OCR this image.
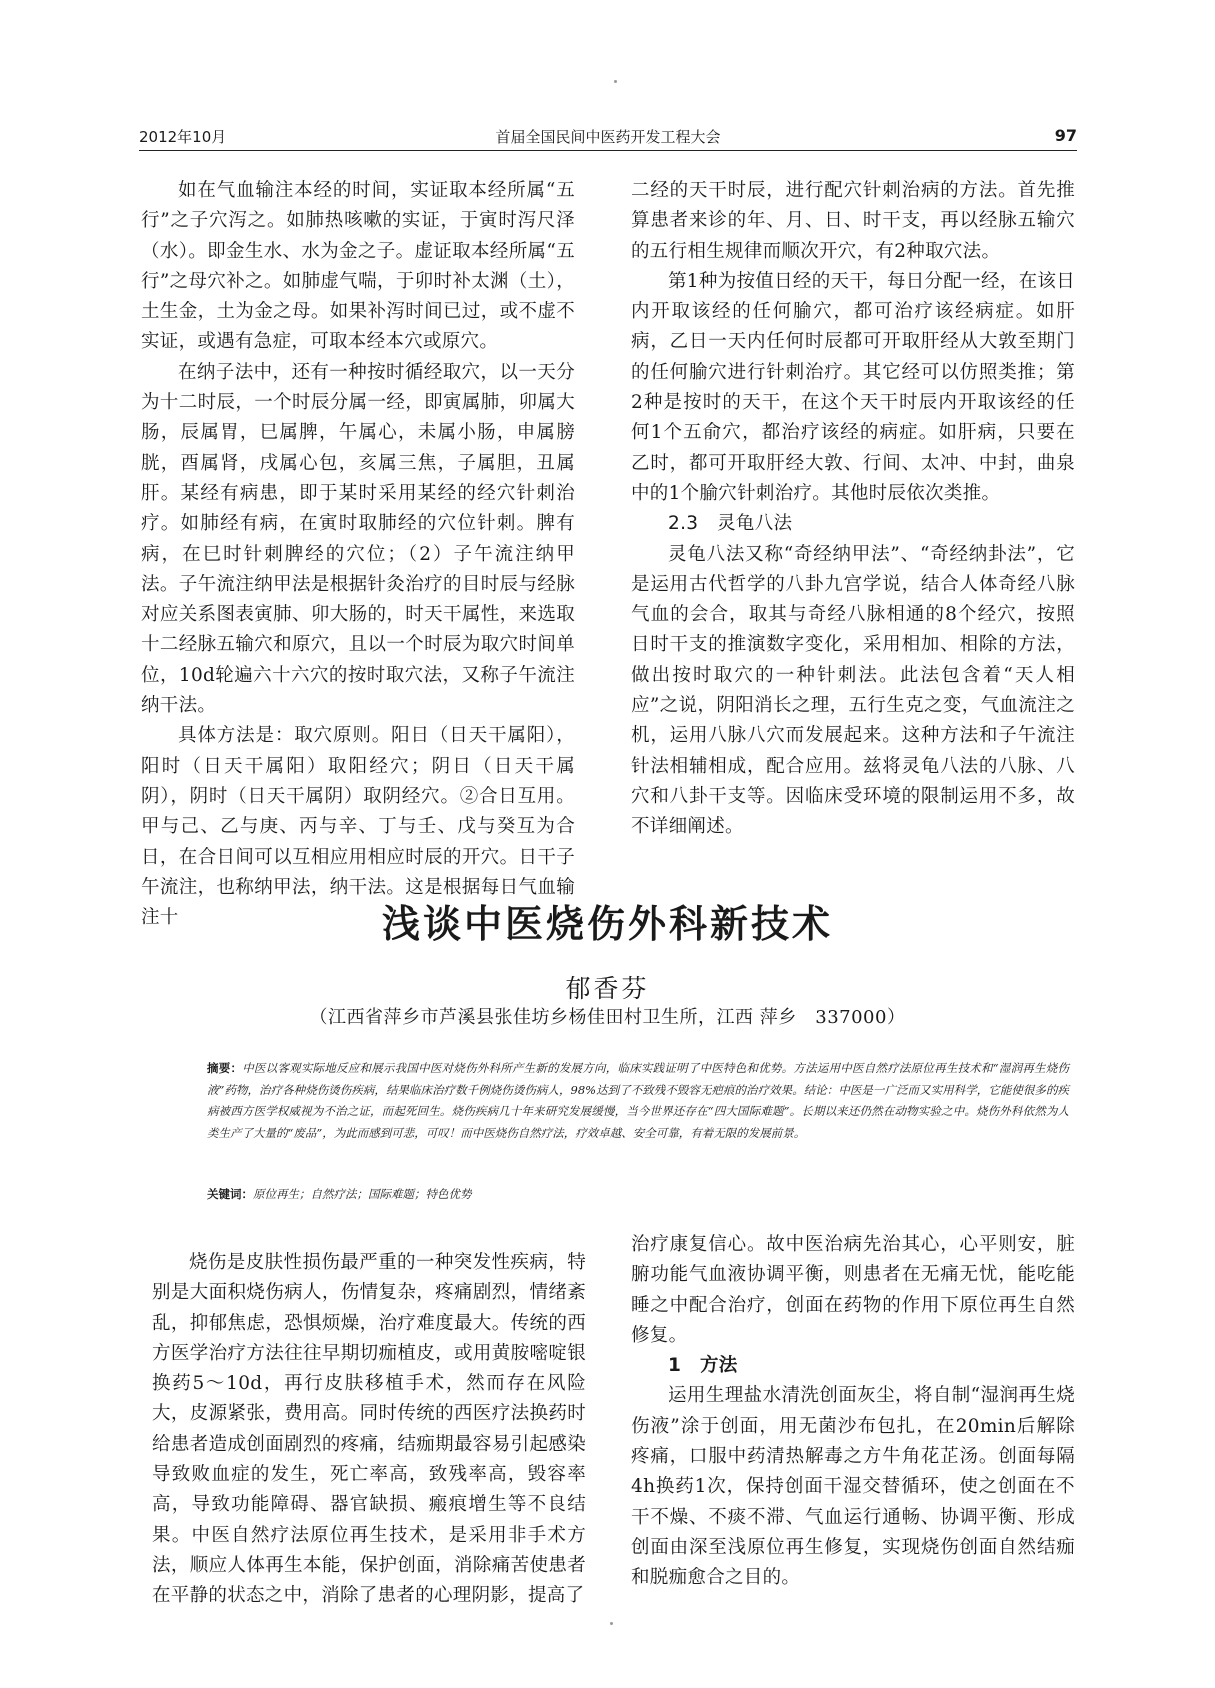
2012年10月	首届全国民间中医药开发工程大会	97

如在气血输注本经的时间，实证取本经所属“五行”之子穴泻之。如肺热咳嗽的实证，于寅时泻尺泽（水）。即金生水、水为金之子。虚证取本经所属“五行”之母穴补之。如肺虚气喘，于卯时补太渊（土），土生金，土为金之母。如果补泻时间已过，或不虚不实证，或遇有急症，可取本经本穴或原穴。

在纳子法中，还有一种按时循经取穴，以一天分为十二时辰，一个时辰分属一经，即寅属肺，卯属大肠，辰属胃，巳属脾，午属心，未属小肠，申属膀胱，酉属肾，戌属心包，亥属三焦，子属胆，丑属肝。某经有病患，即于某时采用某经的经穴针刺治疗。如肺经有病，在寅时取肺经的穴位针刺。脾有病，在巳时针刺脾经的穴位；（2）子午流注纳甲法。子午流注纳甲法是根据针灸治疗的目时辰与经脉对应关系图表寅肺、卯大肠的，时天干属性，来选取十二经脉五输穴和原穴，且以一个时辰为取穴时间单位，10d轮遍六十六穴的按时取穴法，又称子午流注纳干法。

具体方法是：取穴原则。阳日（日天干属阳），阳时（日天干属阳）取阳经穴；阴日（日天干属阴），阴时（日天干属阴）取阴经穴。②合日互用。甲与己、乙与庚、丙与辛、丁与壬、戊与癸互为合日，在合日间可以互相应用相应时辰的开穴。日干子午流注，也称纳甲法，纳干法。这是根据每日气血输注十

二经的天干时辰，进行配穴针刺治病的方法。首先推算患者来诊的年、月、日、时干支，再以经脉五输穴的五行相生规律而顺次开穴，有2种取穴法。

第1种为按值日经的天干，每日分配一经，在该日内开取该经的任何腧穴，都可治疗该经病症。如肝病，乙日一天内任何时辰都可开取肝经从大敦至期门的任何腧穴进行针刺治疗。其它经可以仿照类推；第2种是按时的天干，在这个天干时辰内开取该经的任何1个五俞穴，都治疗该经的病症。如肝病，只要在乙时，都可开取肝经大敦、行间、太冲、中封，曲泉中的1个腧穴针刺治疗。其他时辰依次类推。

2.3　灵龟八法

灵龟八法又称“奇经纳甲法”、“奇经纳卦法”，它是运用古代哲学的八卦九宫学说，结合人体奇经八脉气血的会合，取其与奇经八脉相通的8个经穴，按照日时干支的推演数字变化，采用相加、相除的方法，做出按时取穴的一种针刺法。此法包含着“天人相应”之说，阴阳消长之理，五行生克之变，气血流注之机，运用八脉八穴而发展起来。这种方法和子午流注针法相辅相成，配合应用。兹将灵龟八法的八脉、八穴和八卦干支等。因临床受环境的限制运用不多，故不详细阐述。

浅谈中医烧伤外科新技术
郁香芬
（江西省萍乡市芦溪县张佳坊乡杨佳田村卫生所，江西 萍乡　337000）
摘要：中医以客观实际地反应和展示我国中医对烧伤外科所产生新的发展方向，临床实践证明了中医特色和优势。方法运用中医自然疗法原位再生技术和“湿润再生烧伤液”药物，治疗各种烧伤烫伤疾病，结果临床治疗数千例烧伤烫伤病人，98%达到了不致残不毁容无疤痕的治疗效果。结论：中医是一广泛而又实用科学，它能使很多的疾病被西方医学权威视为不治之证，而起死回生。烧伤疾病几十年来研究发展缓慢，当今世界还存在“四大国际难题”。长期以来还仍然在动物实验之中。烧伤外科依然为人类生产了大量的“废品”，为此而感到可悲，可叹！而中医烧伤自然疗法，疗效卓越、安全可靠，有着无限的发展前景。
关键词：原位再生；自然疗法；国际难题；特色优势

烧伤是皮肤性损伤最严重的一种突发性疾病，特别是大面积烧伤病人，伤情复杂，疼痛剧烈，情绪紊乱，抑郁焦虑，恐惧烦燥，治疗难度最大。传统的西方医学治疗方法往往早期切痂植皮，或用黄胺嘧啶银换药5～10d，再行皮肤移植手术，然而存在风险大，皮源紧张，费用高。同时传统的西医疗法换药时给患者造成创面剧烈的疼痛，结痂期最容易引起感染导致败血症的发生，死亡率高，致残率高，毁容率高，导致功能障碍、器官缺损、瘢痕增生等不良结果。中医自然疗法原位再生技术，是采用非手术方法，顺应人体再生本能，保护创面，消除痛苦使患者在平静的状态之中，消除了患者的心理阴影，提高了

治疗康复信心。故中医治病先治其心，心平则安，脏腑功能气血液协调平衡，则患者在无痛无忧，能吃能睡之中配合治疗，创面在药物的作用下原位再生自然修复。

1　方法

运用生理盐水清洗创面灰尘，将自制“湿润再生烧伤液”涂于创面，用无菌沙布包扎，在20min后解除疼痛，口服中药清热解毒之方牛角花芷汤。创面每隔4h换药1次，保持创面干湿交替循环，使之创面在不干不燥、不痰不滞、气血运行通畅、协调平衡、形成创面由深至浅原位再生修复，实现烧伤创面自然结痂和脱痂愈合之目的。
